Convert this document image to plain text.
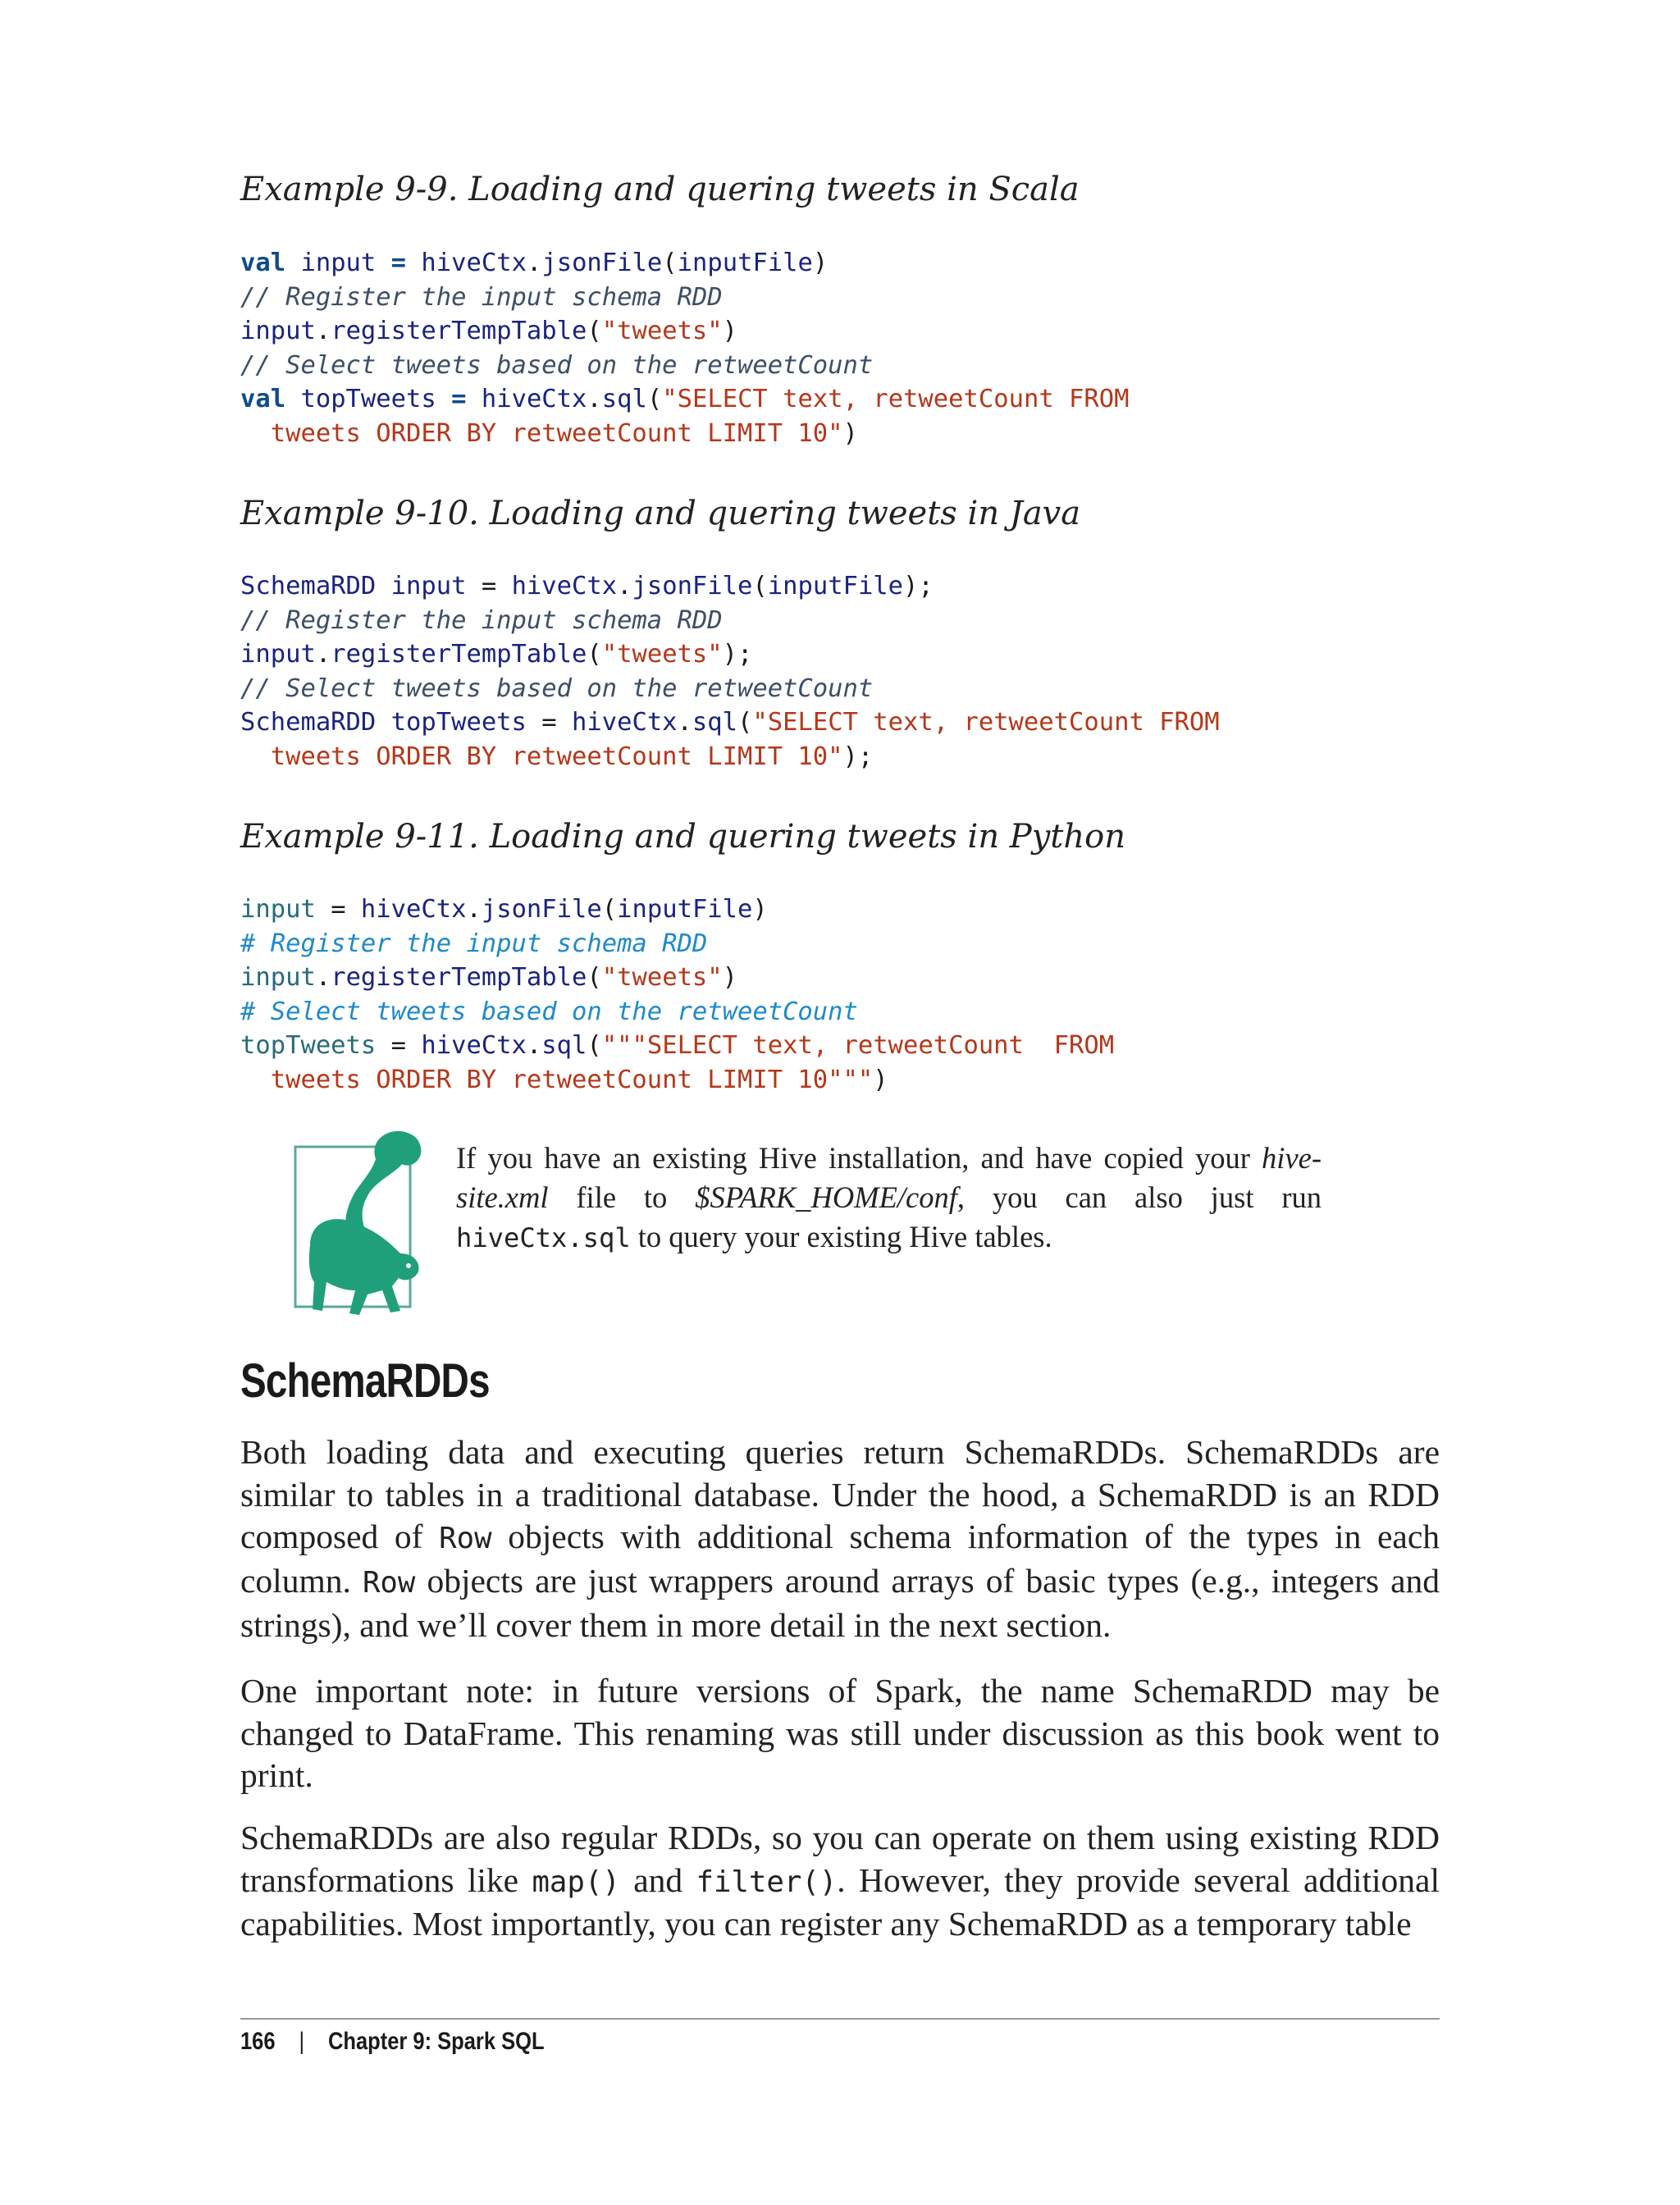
Example 9-9. Loading and quering tweets in Scala

val input = hiveCtx.jsonFile(inputFile)
// Register the input schema RDD
input.registerTempTable("tweets")
// Select tweets based on the retweetCount
val topTweets = hiveCtx.sql("SELECT text, retweetCount FROM
tweets ORDER BY retweetCount LIMIT 10")

Example 9-10. Loading and quering tweets in Java

SchemaRDD input = hiveCtx.jsonFile(inputFile);
// Register the input schema RDD
input.registerTempTable("tweets");
// Select tweets based on the retweetCount
SchemaRDD topTweets = hiveCtx.sql("SELECT text, retweetCount FROM
tweets ORDER BY retweetCount LIMIT 10");

Example 9-11. Loading and quering tweets in Python

input = hiveCtx.jsonFile(inputFile)
# Register the input schema RDD
input.registerTempTable("tweets")
# Select tweets based on the retweetCount
topTweets = hiveCtx.sql("""SELECT text, retweetCount  FROM
tweets ORDER BY retweetCount LIMIT 10""")
If you have an existing Hive installation, and have copied your hive-site.xml file to $SPARK_HOME/conf, you can also just run hiveCtx.sql to query your existing Hive tables.
SchemaRDDs

Both loading data and executing queries return SchemaRDDs. SchemaRDDs are similar to tables in a traditional database. Under the hood, a SchemaRDD is an RDD composed of Row objects with additional schema information of the types in each column. Row objects are just wrappers around arrays of basic types (e.g., integers and strings), and we’ll cover them in more detail in the next section.

One important note: in future versions of Spark, the name SchemaRDD may be changed to DataFrame. This renaming was still under discussion as this book went to print.

SchemaRDDs are also regular RDDs, so you can operate on them using existing RDD transformations like map() and filter(). However, they provide several additional capabilities. Most importantly, you can register any SchemaRDD as a temporary table

166 | Chapter 9: Spark SQL
